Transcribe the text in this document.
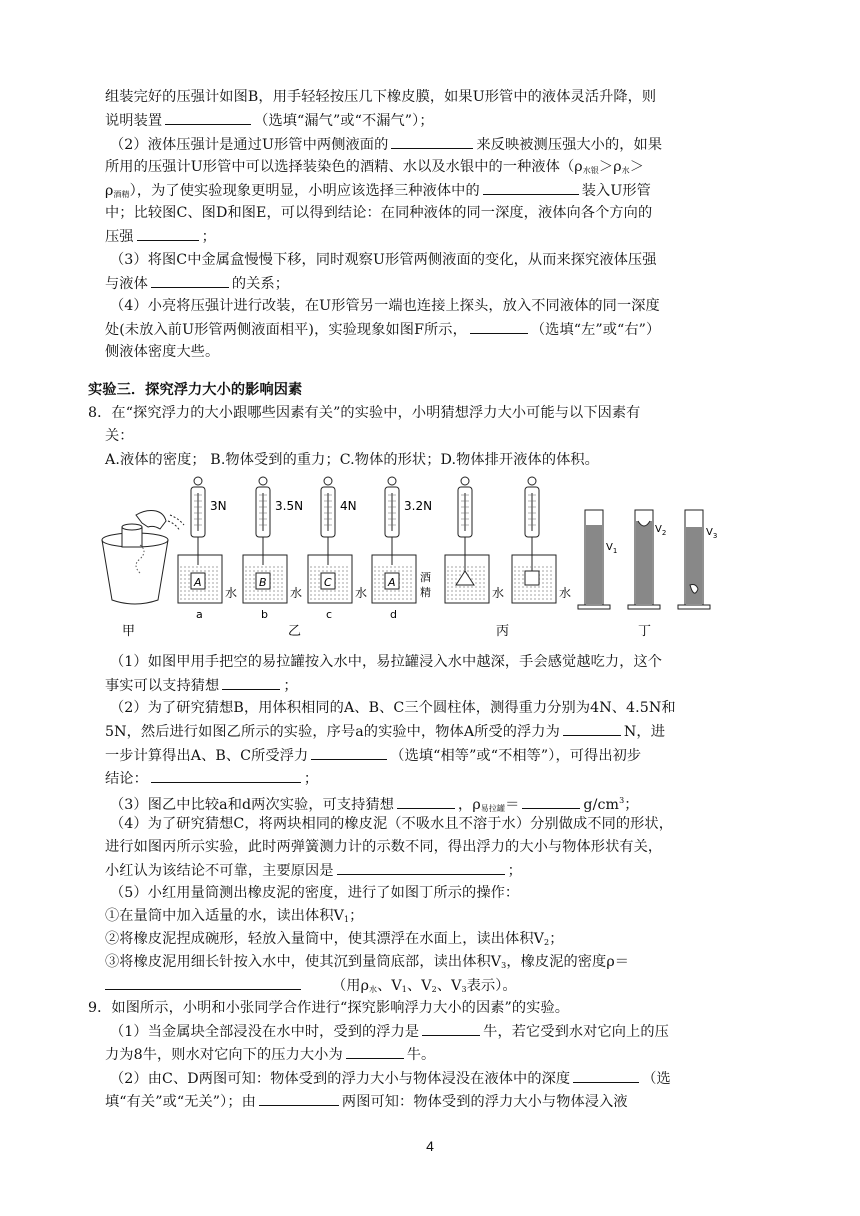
组装完好的压强计如图B，用手轻轻按压几下橡皮膜，如果U形管中的液体灵活升降，则
说明装置	（选填“漏气”或“不漏气”）；
（2）液体压强计是通过U形管中两侧液面的	来反映被测压强大小的，如果
所用的压强计U形管中可以选择装染色的酒精、水以及水银中的一种液体（$\rho_{水银}>\rho_水>$
$\rho_{酒精}$），为了使实验现象更明显，小明应该选择三种液体中的	装入U形管
中；比较图C、图D和图E，可以得到结论：在同种液体的同一深度，液体向各个方向的
压强	；
（3）将图C中金属盒慢慢下移，同时观察U形管两侧液面的变化，从而来探究液体压强
与液体	的关系；
（4）小亮将压强计进行改装，在U形管另一端也连接上探头，放入不同液体的同一深度
处(未放入前U形管两侧液面相平)，实验现象如图F所示，	（选填“左”或“右”）
侧液体密度大些。
实验三．探究浮力大小的影响因素
8．在“探究浮力的大小跟哪些因素有关”的实验中，小明猜想浮力大小可能与以下因素有
关：
A.液体的密度； B.物体受到的重力；C.物体的形状；D.物体排开液体的体积。
甲
3N
A
水
a
3.5N
B
水
b
4N
C
水
c
3.2N
A 酒
精
d
乙
水	水
丙
$V_1$
$V_2$	$V_3$
丁
（1）如图甲用手把空的易拉罐按入水中，易拉罐浸入水中越深，手会感觉越吃力，这个
事实可以支持猜想	；
（2）为了研究猜想B，用体积相同的A、B、C三个圆柱体，测得重力分别为4N、4.5N和
5N，然后进行如图乙所示的实验，序号a的实验中，物体A所受的浮力为	N，进
一步计算得出A、B、C所受浮力	（选填“相等”或“不相等”），可得出初步
结论：	；
（3）图乙中比较a和d两次实验，可支持猜想	，$\rho_{易拉罐}=$	$g/cm^3$；
（4）为了研究猜想C，将两块相同的橡皮泥（不吸水且不溶于水）分别做成不同的形状，
进行如图丙所示实验，此时两弹簧测力计的示数不同，得出浮力的大小与物体形状有关，
小红认为该结论不可靠，主要原因是	；
（5）小红用量筒测出橡皮泥的密度，进行了如图丁所示的操作：
①在量筒中加入适量的水，读出体积$V_1$；
②将橡皮泥捏成碗形，轻放入量筒中，使其漂浮在水面上，读出体积$V_2$；
③将橡皮泥用细长针按入水中，使其沉到量筒底部，读出体积$V_3$，橡皮泥的密度ρ＝
（用$\rho_水$、$V_1$、$V_2$、$V_3$表示）。
9．如图所示，小明和小张同学合作进行“探究影响浮力大小的因素”的实验。
（1）当金属块全部浸没在水中时，受到的浮力是	牛，若它受到水对它向上的压
力为8牛，则水对它向下的压力大小为	牛。
（2）由C、D两图可知：物体受到的浮力大小与物体浸没在液体中的深度	（选
填“有关”或“无关”）；由	两图可知：物体受到的浮力大小与物体浸入液
4
